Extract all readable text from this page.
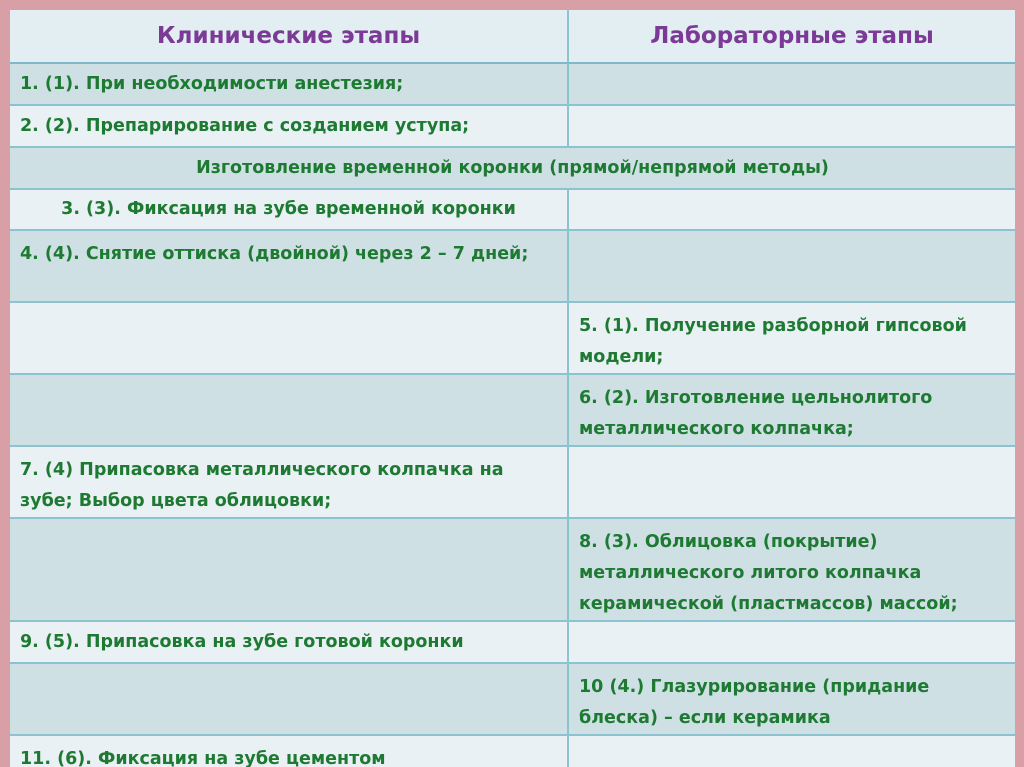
Клинические этапы	Лабораторные этапы
1. (1). При необходимости анестезия;
2. (2). Препарирование с созданием уступа;
Изготовление временной коронки (прямой/непрямой методы)
3. (3). Фиксация на зубе временной коронки
4. (4). Снятие оттиска (двойной) через 2 – 7 дней;
5. (1). Получение разборной гипсовой модели;
6. (2). Изготовление цельнолитого металлического колпачка;
7. (4) Припасовка металлического колпачка на зубе; Выбор цвета облицовки;
8. (3). Облицовка (покрытие) металлического литого колпачка керамической (пластмассов) массой;
9. (5). Припасовка на зубе готовой коронки
10 (4.) Глазурирование (придание блеска) – если керамика
11. (6). Фиксация на зубе цементом
